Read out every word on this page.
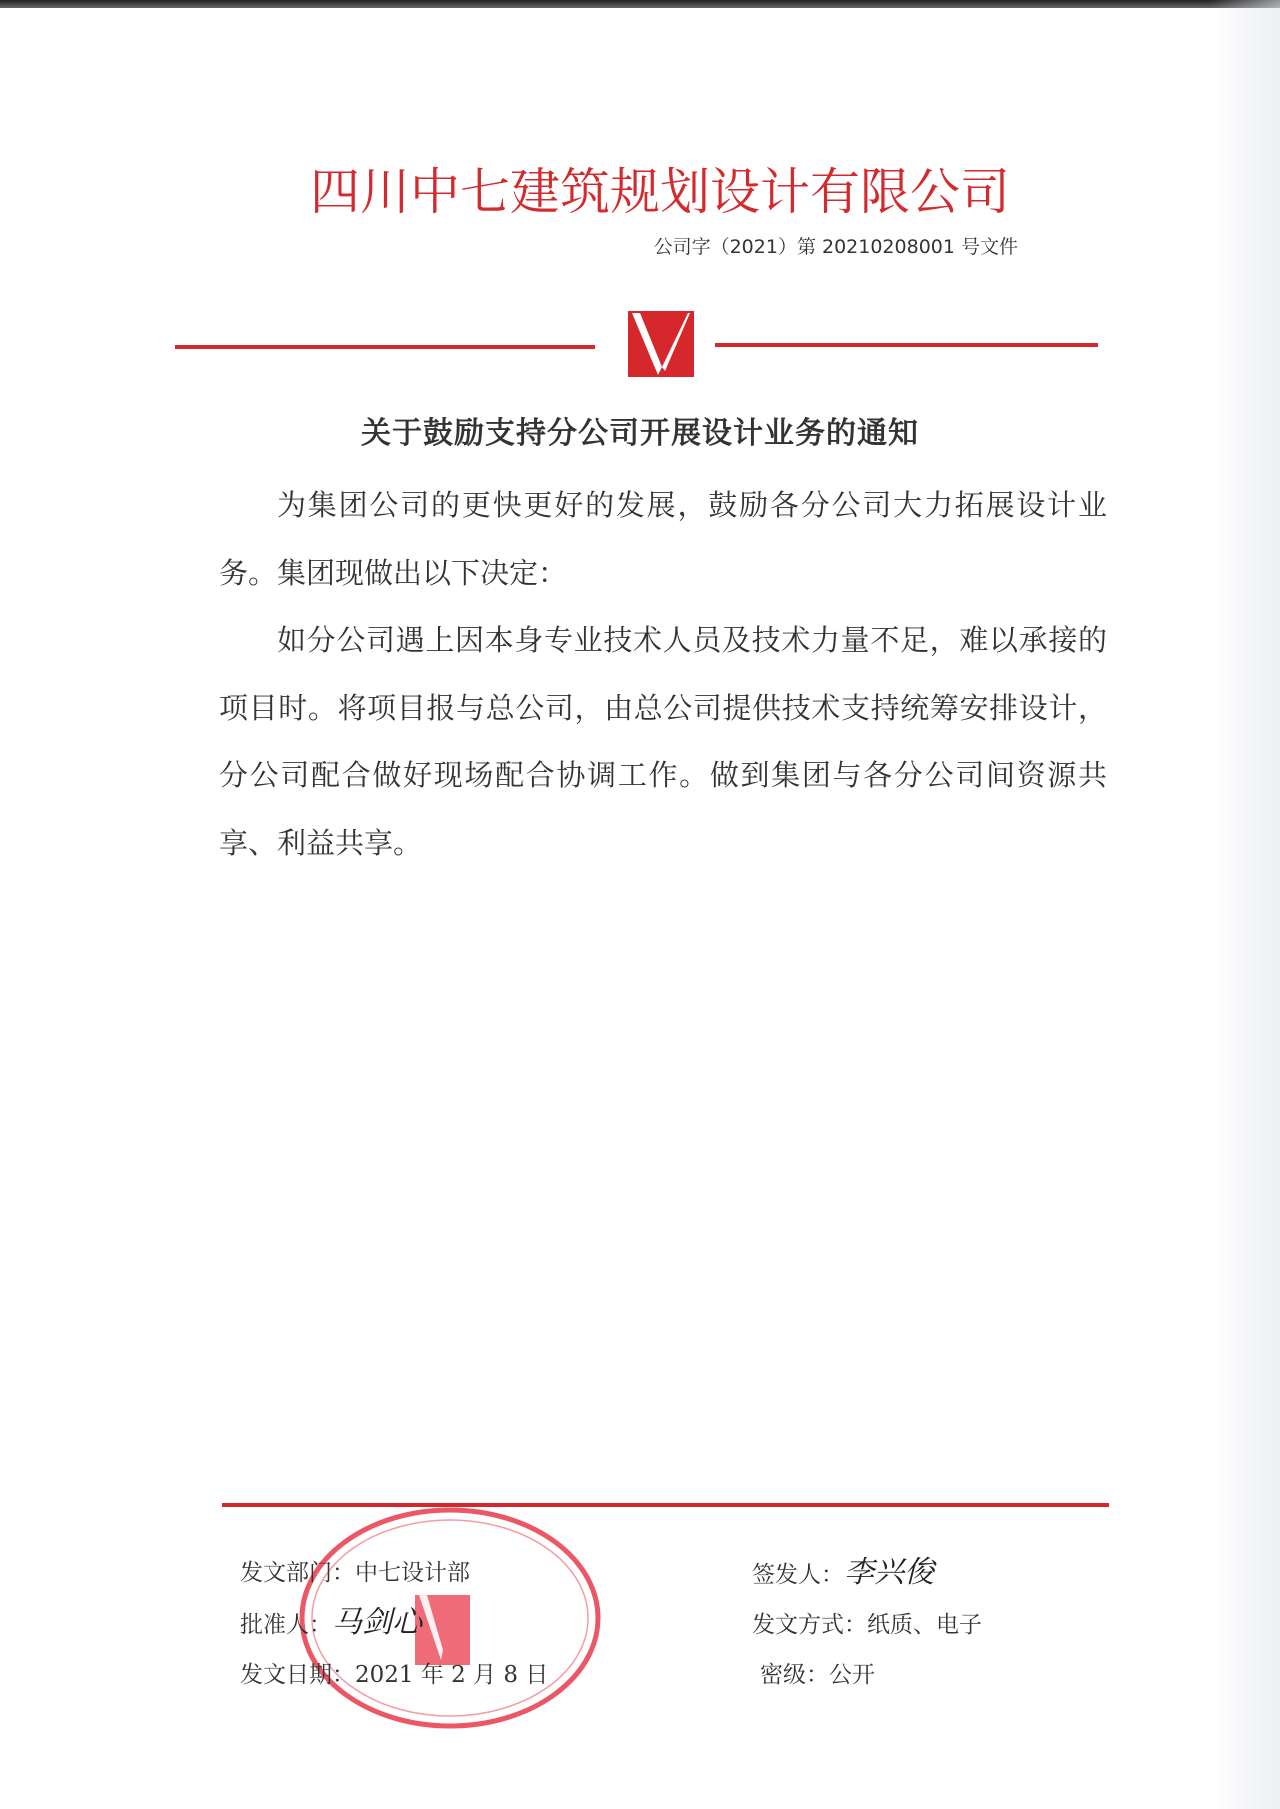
四川中七建筑规划设计有限公司
公司字（2021）第 20210208001 号文件
关于鼓励支持分公司开展设计业务的通知

为集团公司的更快更好的发展，鼓励各分公司大力拓展设计业务。集团现做出以下决定：

如分公司遇上因本身专业技术人员及技术力量不足，难以承接的项目时。将项目报与总公司，由总公司提供技术支持统筹安排设计，分公司配合做好现场配合协调工作。做到集团与各分公司间资源共享、利益共享。

发文部门：中七设计部
批准人：马剑心
发文日期：2021 年 2 月 8 日
签发人：李兴俊
发文方式：纸质、电子
密级：公开
